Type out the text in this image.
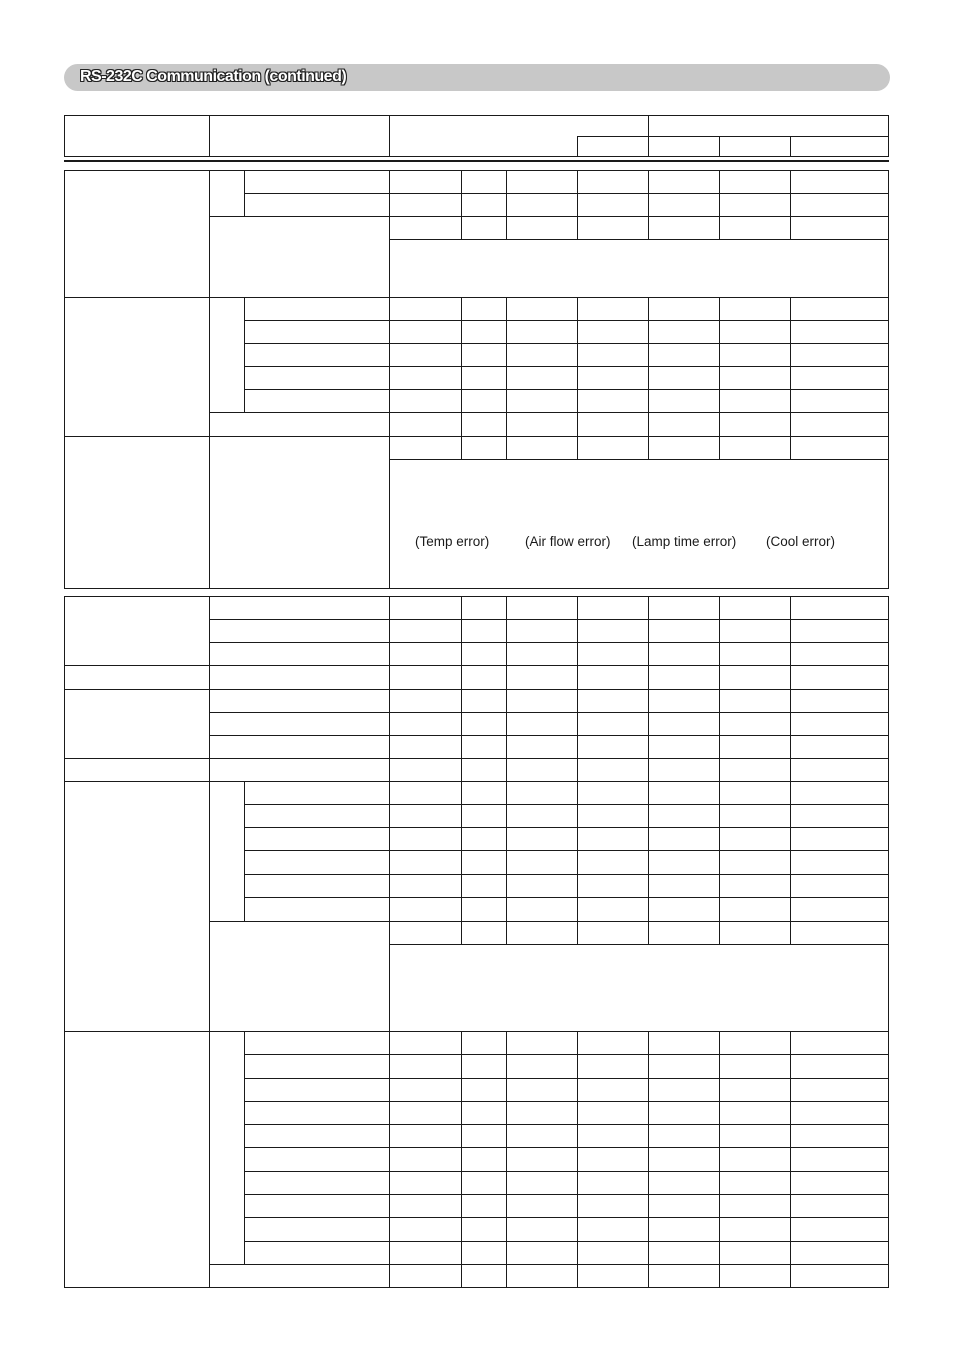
RS-232C Communication (continued)
(Temp error)	(Air flow error) (Lamp time error) (Cool error)
